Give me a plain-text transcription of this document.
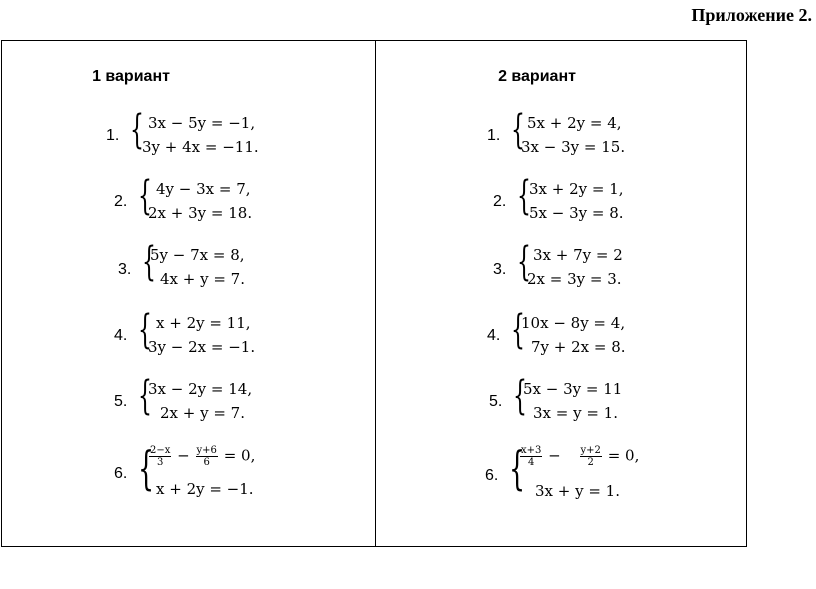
Приложение 2.
1 вариант
1. { 3x − 5y = −1,
3y + 4x = −11.
2. { 4y − 3x = 7,
2x + 3y = 18.
3. {
5y − 7x = 8,
4x + y = 7.
4. { x + 2y = 11,
3y − 2x = −1.
5. {
3x − 2y = 14,
2x + y = 7.
6. {
$\frac{2-x}{3} - \frac{y+6}{6} = 0$,
x + 2y = −1.
2 вариант
1. { 5x + 2y = 4,
3x − 3y = 15.
2. {
3x + 2y = 1,
5x − 3y = 8.
3. { 3x + 7y = 2
2x = 3y = 3.
4. {
10x − 8y = 4,
7y + 2x = 8.
5. {
5x − 3y = 11
3x = y = 1.
6. {
$\frac{x+3}{4} - \frac{y+2}{2} = 0$,
3x + y = 1.
